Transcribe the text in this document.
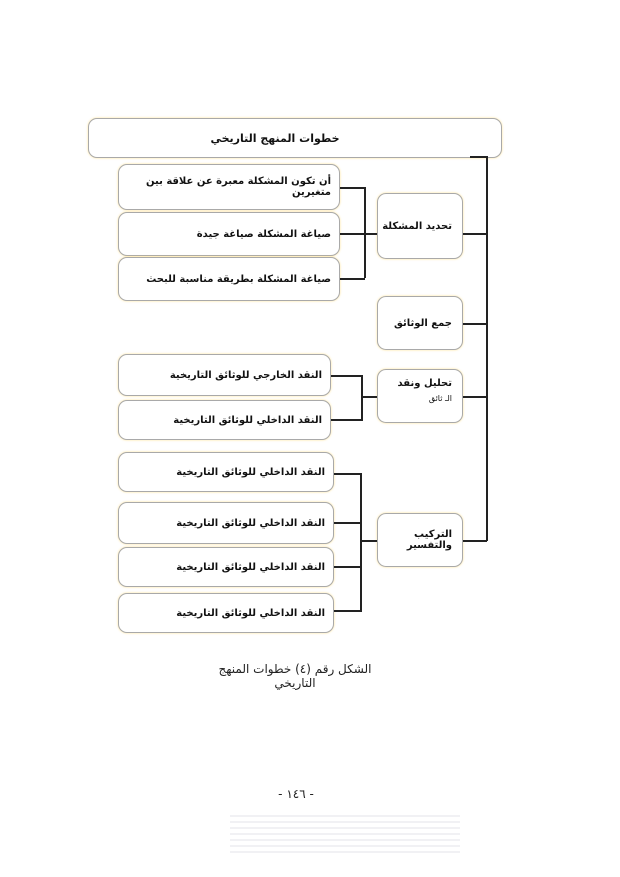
خطوات المنهج التاريخي
تحديد المشكلة
جمع الوثائق
تحليل ونقد
الـ ثائق
التركيب والتفسير
أن تكون المشكلة معبرة عن علاقة بين متغيرين
صياغة المشكلة صياغة جيدة
صياغة المشكلة بطريقة مناسبة للبحث
النقد الخارجي للوثائق التاريخية
النقد الداخلي للوثائق التاريخية
النقد الداخلي للوثائق التاريخية
النقد الداخلي للوثائق التاريخية
النقد الداخلي للوثائق التاريخية
النقد الداخلي للوثائق التاريخية
الشكل رقم (٤) خطوات المنهج التاريخي
- ١٤٦ -
